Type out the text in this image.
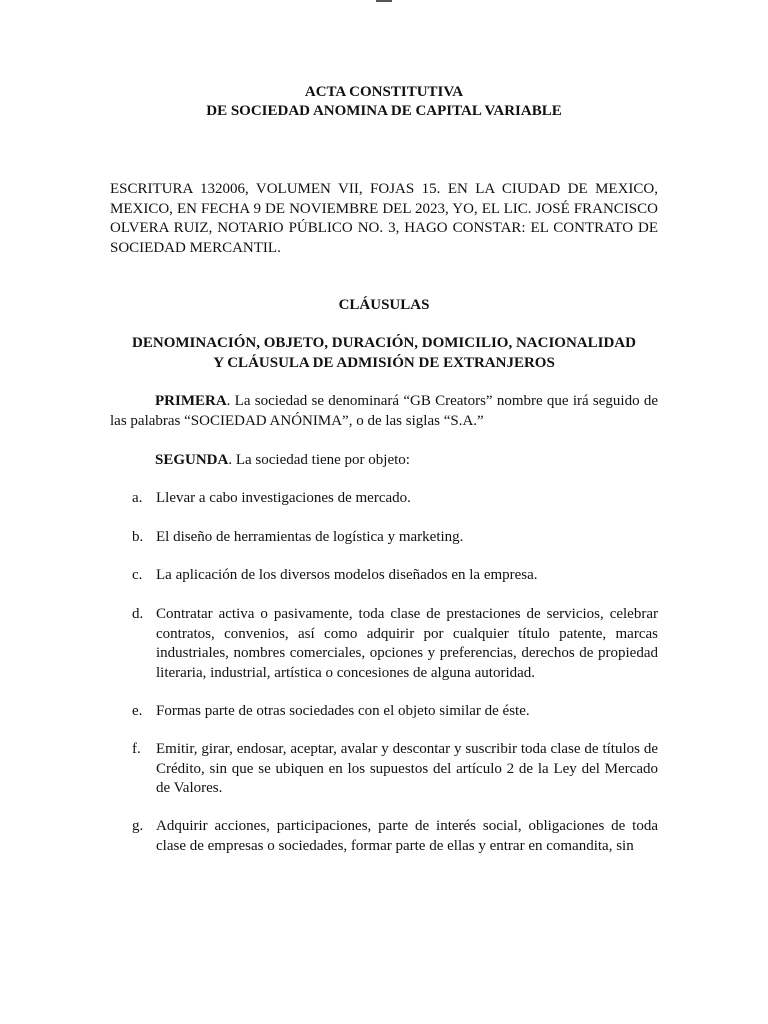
ACTA CONSTITUTIVA
DE SOCIEDAD ANOMINA DE CAPITAL VARIABLE
ESCRITURA 132006, VOLUMEN VII, FOJAS 15. EN LA CIUDAD DE MEXICO, MEXICO, EN FECHA 9 DE NOVIEMBRE DEL 2023, YO, EL LIC. JOSÉ FRANCISCO OLVERA RUIZ, NOTARIO PÚBLICO NO. 3, HAGO CONSTAR: EL CONTRATO DE SOCIEDAD MERCANTIL.
CLÁUSULAS
DENOMINACIÓN, OBJETO, DURACIÓN, DOMICILIO, NACIONALIDAD
Y CLÁUSULA DE ADMISIÓN DE EXTRANJEROS
PRIMERA. La sociedad se denominará “GB Creators” nombre que irá seguido de las palabras “SOCIEDAD ANÓNIMA”, o de las siglas “S.A.”
SEGUNDA. La sociedad tiene por objeto:
a. Llevar a cabo investigaciones de mercado.
b. El diseño de herramientas de logística y marketing.
c. La aplicación de los diversos modelos diseñados en la empresa.
d. Contratar activa o pasivamente, toda clase de prestaciones de servicios, celebrar contratos, convenios, así como adquirir por cualquier título patente, marcas industriales, nombres comerciales, opciones y preferencias, derechos de propiedad literaria, industrial, artística o concesiones de alguna autoridad.
e. Formas parte de otras sociedades con el objeto similar de éste.
f. Emitir, girar, endosar, aceptar, avalar y descontar y suscribir toda clase de títulos de Crédito, sin que se ubiquen en los supuestos del artículo 2 de la Ley del Mercado de Valores.
g. Adquirir acciones, participaciones, parte de interés social, obligaciones de toda clase de empresas o sociedades, formar parte de ellas y entrar en comandita, sin
